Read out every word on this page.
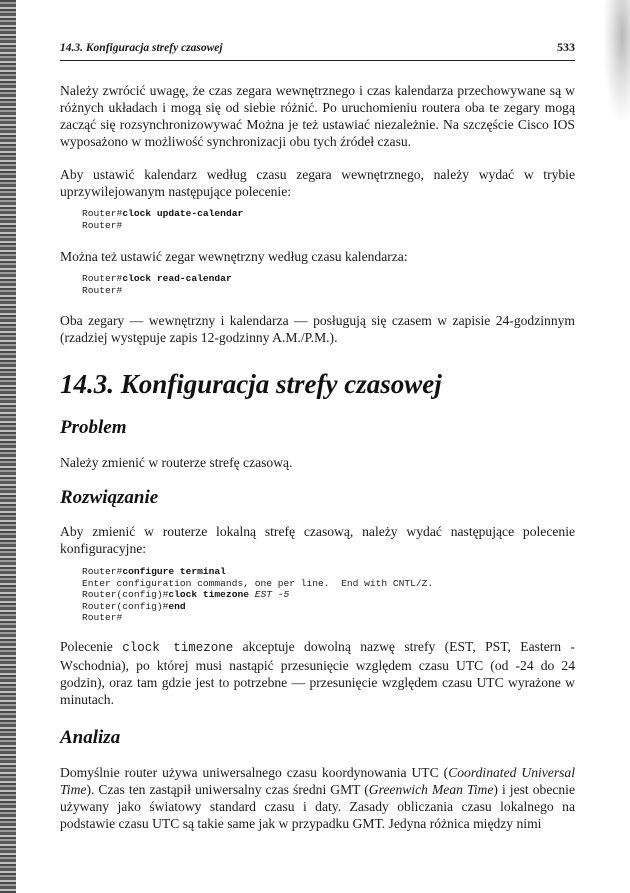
14.3. Konfiguracja strefy czasowej	533

Należy zwrócić uwagę, że czas zegara wewnętrznego i czas kalendarza przechowywane są w różnych układach i mogą się od siebie różnić. Po uruchomieniu routera oba te zegary mogą zacząć się rozsynchronizowywać Można je też ustawiać niezależnie. Na szczęście Cisco IOS wyposażono w możliwość synchronizacji obu tych źródeł czasu.

Aby ustawić kalendarz według czasu zegara wewnętrznego, należy wydać w trybie uprzywilejowanym następujące polecenie:

Router#clock update-calendar
Router#

Można też ustawić zegar wewnętrzny według czasu kalendarza:

Router#clock read-calendar
Router#

Oba zegary — wewnętrzny i kalendarza — posługują się czasem w zapisie 24-godzinnym (rzadziej występuje zapis 12-godzinny A.M./P.M.).

14.3. Konfiguracja strefy czasowej
Problem

Należy zmienić w routerze strefę czasową.

Rozwiązanie

Aby zmienić w routerze lokalną strefę czasową, należy wydać następujące polecenie konfiguracyjne:

Router#configure terminal
Enter configuration commands, one per line.  End with CNTL/Z.
Router(config)#clock timezone EST -5
Router(config)#end
Router#

Polecenie clock timezone akceptuje dowolną nazwę strefy (EST, PST, Eastern - Wschodnia), po której musi nastąpić przesunięcie względem czasu UTC (od -24 do 24 godzin), oraz tam gdzie jest to potrzebne — przesunięcie względem czasu UTC wyrażone w minutach.

Analiza

Domyślnie router używa uniwersalnego czasu koordynowania UTC (Coordinated Universal Time). Czas ten zastąpił uniwersalny czas średni GMT (Greenwich Mean Time) i jest obecnie używany jako światowy standard czasu i daty. Zasady obliczania czasu lokalnego na podstawie czasu UTC są takie same jak w przypadku GMT. Jedyna różnica między nimi
